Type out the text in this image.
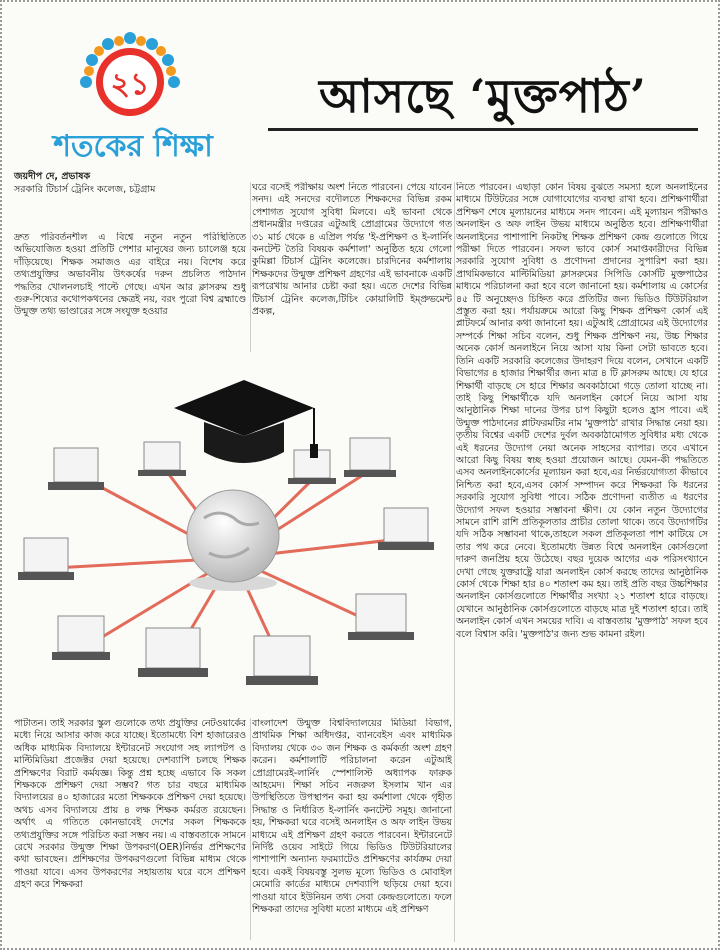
২১
শতকের শিক্ষা
আসছে ‘মুক্তপাঠ’
জয়দীপ দে, প্রভাষক
সরকারি টিচার্স ট্রেনিং কলেজ, চট্টগ্রাম

দ্রুত পরিবর্তনশীল এ বিশ্বে নতুন নতুন পরিস্থিতিতে অভিযোজিত হওয়া প্রতিটি পেশার মানুষের জন্য চ্যালেঞ্জ হয়ে দাঁড়িয়েছে। শিক্ষক সমাজও এর বাইরে নয়। বিশেষ করে তথ্যপ্রযুক্তির অভাবনীয় উৎকর্ষের দরুন প্রচলিত পাঠদান পদ্ধতির খোলনলচাই পাল্টে গেছে। এখন আর ক্লাসরুম শুধু গুরু-শিষ্যের কথোপকথনের ক্ষেত্রই নয়, বরং পুরো বিশ্ব ব্রহ্মাণ্ডে উন্মুক্ত তথ্য ভাণ্ডারের সঙ্গে সংযুক্ত হওয়ার

ঘরে বসেই পরীক্ষায় অংশ নিতে পারবেন। পেয়ে যাবেন সনদ। এই সনদের বদৌলতে শিক্ষকদের বিভিন্ন রকম পেশাগত সুযোগ সুবিধা মিলবে। এই ভাবনা থেকে প্রধানমন্ত্রীর দপ্তরের এটুআই প্রোগ্রামের উদ্যোগে গত ৩১ মার্চ থেকে ৪ এপ্রিল পর্যন্ত 'ই-প্রশিক্ষণ ও ই-লার্নিং কনটেন্ট তৈরি বিষয়ক কর্মশালা' অনুষ্ঠিত হয়ে গেলো কুমিল্লা টিচার্স ট্রেনিং কলেজে। চারদিনের কর্মশালায় শিক্ষকদের উন্মুক্ত প্রশিক্ষণ গ্রহণের এই ভাবনাকে একটি রূপরেখায় আনার চেষ্টা করা হয়। এতে দেশের বিভিন্ন টিচার্স ট্রেনিং কলেজ,টিচিং কোয়ালিটি ইম্প্রুভমেন্ট প্রকল্প,

নিতে পারবেন। এছাড়া কোন বিষয় বুঝতে সমস্যা হলে অনলাইনের মাধ্যমে টিউটরের সঙ্গে যোগাযোগের ব্যবস্থা রাখা হবে। প্রশিক্ষণার্থীরা প্রশিক্ষণ শেষে মূল্যায়নের মাধ্যমে সনদ পাবেন। এই মূল্যায়ন পরীক্ষাও অনলাইন ও অফ লাইন উভয় মাধ্যমে অনুষ্ঠিত হবে। প্রশিক্ষণার্থীরা অনলাইনের পাশাপাশি নিকটস্থ শিক্ষক প্রশিক্ষণ কেন্দ্র গুলোতে গিয়ে পরীক্ষা দিতে পারবেন। সফল ভাবে কোর্স সমাপ্তকারীদের বিভিন্ন সরকারি সুযোগ সুবিধা ও প্রণোদনা প্রদানের সুপারিশ করা হয়। প্রাথমিকভাবে মাল্টিমিডিয়া ক্লাসরুমের সিপিডি কোর্সটি মুক্তপাঠের মাধ্যমে পরিচালনা করা হবে বলে জানানো হয়। কর্মশালায় এ কোর্সের ৪৫ টি অনুচ্ছেদও চিহ্নিত করে প্রতিটির জন্য ভিডিও টিউটরিয়াল প্রস্তুত করা হয়। পর্যায়ক্রমে আরো কিছু শিক্ষক প্রশিক্ষণ কোর্স এই প্লাটফর্মে আনার কথা জানানো হয়। এটুআই প্রোগ্রামের এই উদ্যোগের সম্পর্কে শিক্ষা সচিব বলেন, শুধু শিক্ষক প্রশিক্ষণ নয়, উচ্চ শিক্ষার অনেক কোর্স অনলাইনে নিয়ে আসা যায় কিনা সেটা ভাবতে হবে। তিনি একটি সরকারি কলেজের উদাহরণ দিয়ে বলেন, সেখানে একটি বিভাগের ৪ হাজার শিক্ষার্থীর জন্য মাত্র ৪ টি ক্লাসরুম আছে। যে হারে শিক্ষার্থী বাড়ছে সে হারে শিক্ষার অবকাঠামো গড়ে তোলা যাচ্ছে না। তাই কিছু শিক্ষার্থীকে যদি অনলাইন কোর্সে নিয়ে আসা যায় আনুষ্ঠানিক শিক্ষা দানের উপর চাপ কিছুটা হলেও হ্রাস পাবে। এই উন্মুক্ত পাঠদানের প্লাটফরমটির নাম 'মুক্তপাঠ' রাখার সিদ্ধান্ত নেয়া হয়। তৃতীয় বিশ্বের একটি দেশের দুর্বল অবকাঠামোগত সুবিধার মধ্য থেকে এই ধরনের উদ্যোগ নেয়া অনেক সাহসের ব্যাপার। তবে এখানে আরো কিছু বিষয় স্বচ্ছ হওয়া প্রয়োজন আছে। যেমন-কী পদ্ধতিতে এসব অনলাইনকোর্সের মূল্যায়ন করা হবে,এর নির্ভরযোগ্যতা কীভাবে নিশ্চিত করা হবে,এসব কোর্স সম্পাদন করে শিক্ষকরা কি ধরনের সরকারি সুযোগ সুবিধা পাবে। সঠিক প্রণোদনা ব্যতীত এ ধরণের উদ্যোগ সফল হওয়ার সম্ভাবনা ক্ষীণ। যে কোন নতুন উদ্যোগের সামনে রাশি রাশি প্রতিকূলতার প্রাচীর তোলা থাকে। তবে উদ্যোগটির যদি সঠিক সম্ভাবনা থাকে,তাহলে সকল প্রতিকূলতা পাশ কাটিয়ে সে তার পথ করে নেবে। ইতোমধ্যে উন্নত বিশ্বে অনলাইন কোর্সগুলো দারুণ জনপ্রিয় হয়ে উঠেছে। বছর দুয়েক আগের এক পরিসংখ্যানে দেখা গেছে যুক্তরাষ্ট্রে যারা অনলাইন কোর্স করছে তাদের আনুষ্ঠানিক কোর্স থেকে শিক্ষা হার ৪০ শতাংশ কম হয়। তাই প্রতি বছর উচ্চশিক্ষার অনলাইন কোর্সগুলোতে শিক্ষার্থীর সংখ্যা ২১ শতাংশ হারে বাড়ছে। যেখানে আনুষ্ঠানিক কোর্সগুলোতে বাড়ছে মাত্র দুই শতাংশ হারে। তাই অনলাইন কোর্স এখন সময়ের দাবি। এ বাস্তবতায় 'মুক্তপাঠ' সফল হবে বলে বিশ্বাস করি। 'মুক্তপাঠ'র জন্য শুভ কামনা রইল।

পাটাতন। তাই সরকার স্কুল গুলোকে তথ্য প্রযুক্তির নেটওয়ার্কের মধ্যে নিয়ে আসার কাজ করে যাচ্ছে। ইতোমধ্যে বিশ হাজারেরও অধিক মাধ্যমিক বিদ্যালয়ে ইন্টারনেট সংযোগ সহ ল্যাপটপ ও মাল্টিমিডিয়া প্রজেক্টর দেয়া হয়েছে। দেশব্যাপি চলছে শিক্ষক প্রশিক্ষণের বিরাট কর্মযজ্ঞ। কিন্তু প্রশ্ন হচ্ছে এভাবে কি সকল শিক্ষককে প্রশিক্ষণ দেয়া সম্ভব? গত চার বছরে মাধ্যমিক বিদ্যালয়ের ৪০ হাজারের মতো শিক্ষককে প্রশিক্ষণ দেয়া হয়েছে। অথচ এসব বিদ্যালয়ে প্রায় ৪ লক্ষ শিক্ষক কর্মরত রয়েছেন। অর্থাৎ এ গতিতে কোনভাবেই দেশের সকল শিক্ষককে তথ্যপ্রযুক্তির সঙ্গে পরিচিত করা সম্ভব নয়। এ বাস্তবতাকে সামনে রেখে সরকার উন্মুক্ত শিক্ষা উপকরণ(OER)নির্ভর প্রশিক্ষণের কথা ভাবছেন। প্রশিক্ষণের উপকরণগুলো বিভিন্ন মাধ্যম থেকে পাওয়া যাবে। এসব উপকরণের সহায়তায় ঘরে বসে প্রশিক্ষণ গ্রহণ করে শিক্ষকরা

বাংলাদেশ উন্মুক্ত বিশ্ববিদ্যালয়ের মিডিয়া বিভাগ, প্রাথমিক শিক্ষা অধিদপ্তর, ব্যানবেইস এবং মাধ্যমিক বিদ্যালয় থেকে ৩০ জন শিক্ষক ও কর্মকর্তা অংশ গ্রহণ করেন। কর্মশালাটি পরিচালনা করেন এটুআই প্রোগ্রামেরই-লার্নিং স্পেশালিস্ট অধ্যাপক ফারুক আহমেদ। শিক্ষা সচিব নজরুল ইসলাম খান এর উপস্থিতিতে উপস্থাপন করা হয় কর্মশালা থেকে গৃহীত সিদ্ধান্ত ও নির্ধারিত ই-লার্নিং কনটেন্ট সমূহ। জানানো হয়, শিক্ষকরা ঘরে বসেই অনলাইন ও অফ লাইন উভয় মাধ্যমে এই প্রশিক্ষণ গ্রহণ করতে পারবেন। ইন্টারনেটে নির্দিষ্ট ওয়েব সাইটে গিয়ে ভিডিও টিউটরিয়ালের পাশাপাশি অন্যান্য ফরম্যাটেও প্রশিক্ষণের কার্যক্রম দেয়া হবে। একই বিষয়বস্তু সুলভ মূল্যে ভিডিও ও মোবাইল মেমোরি কার্ডের মাধ্যমে দেশব্যাপি ছড়িয়ে দেয়া হবে। পাওয়া যাবে ইউনিয়ন তথ্য সেবা কেন্দ্রগুলোতে। ফলে শিক্ষকরা তাদের সুবিধা মতো মাধ্যমে এই প্রশিক্ষণ
